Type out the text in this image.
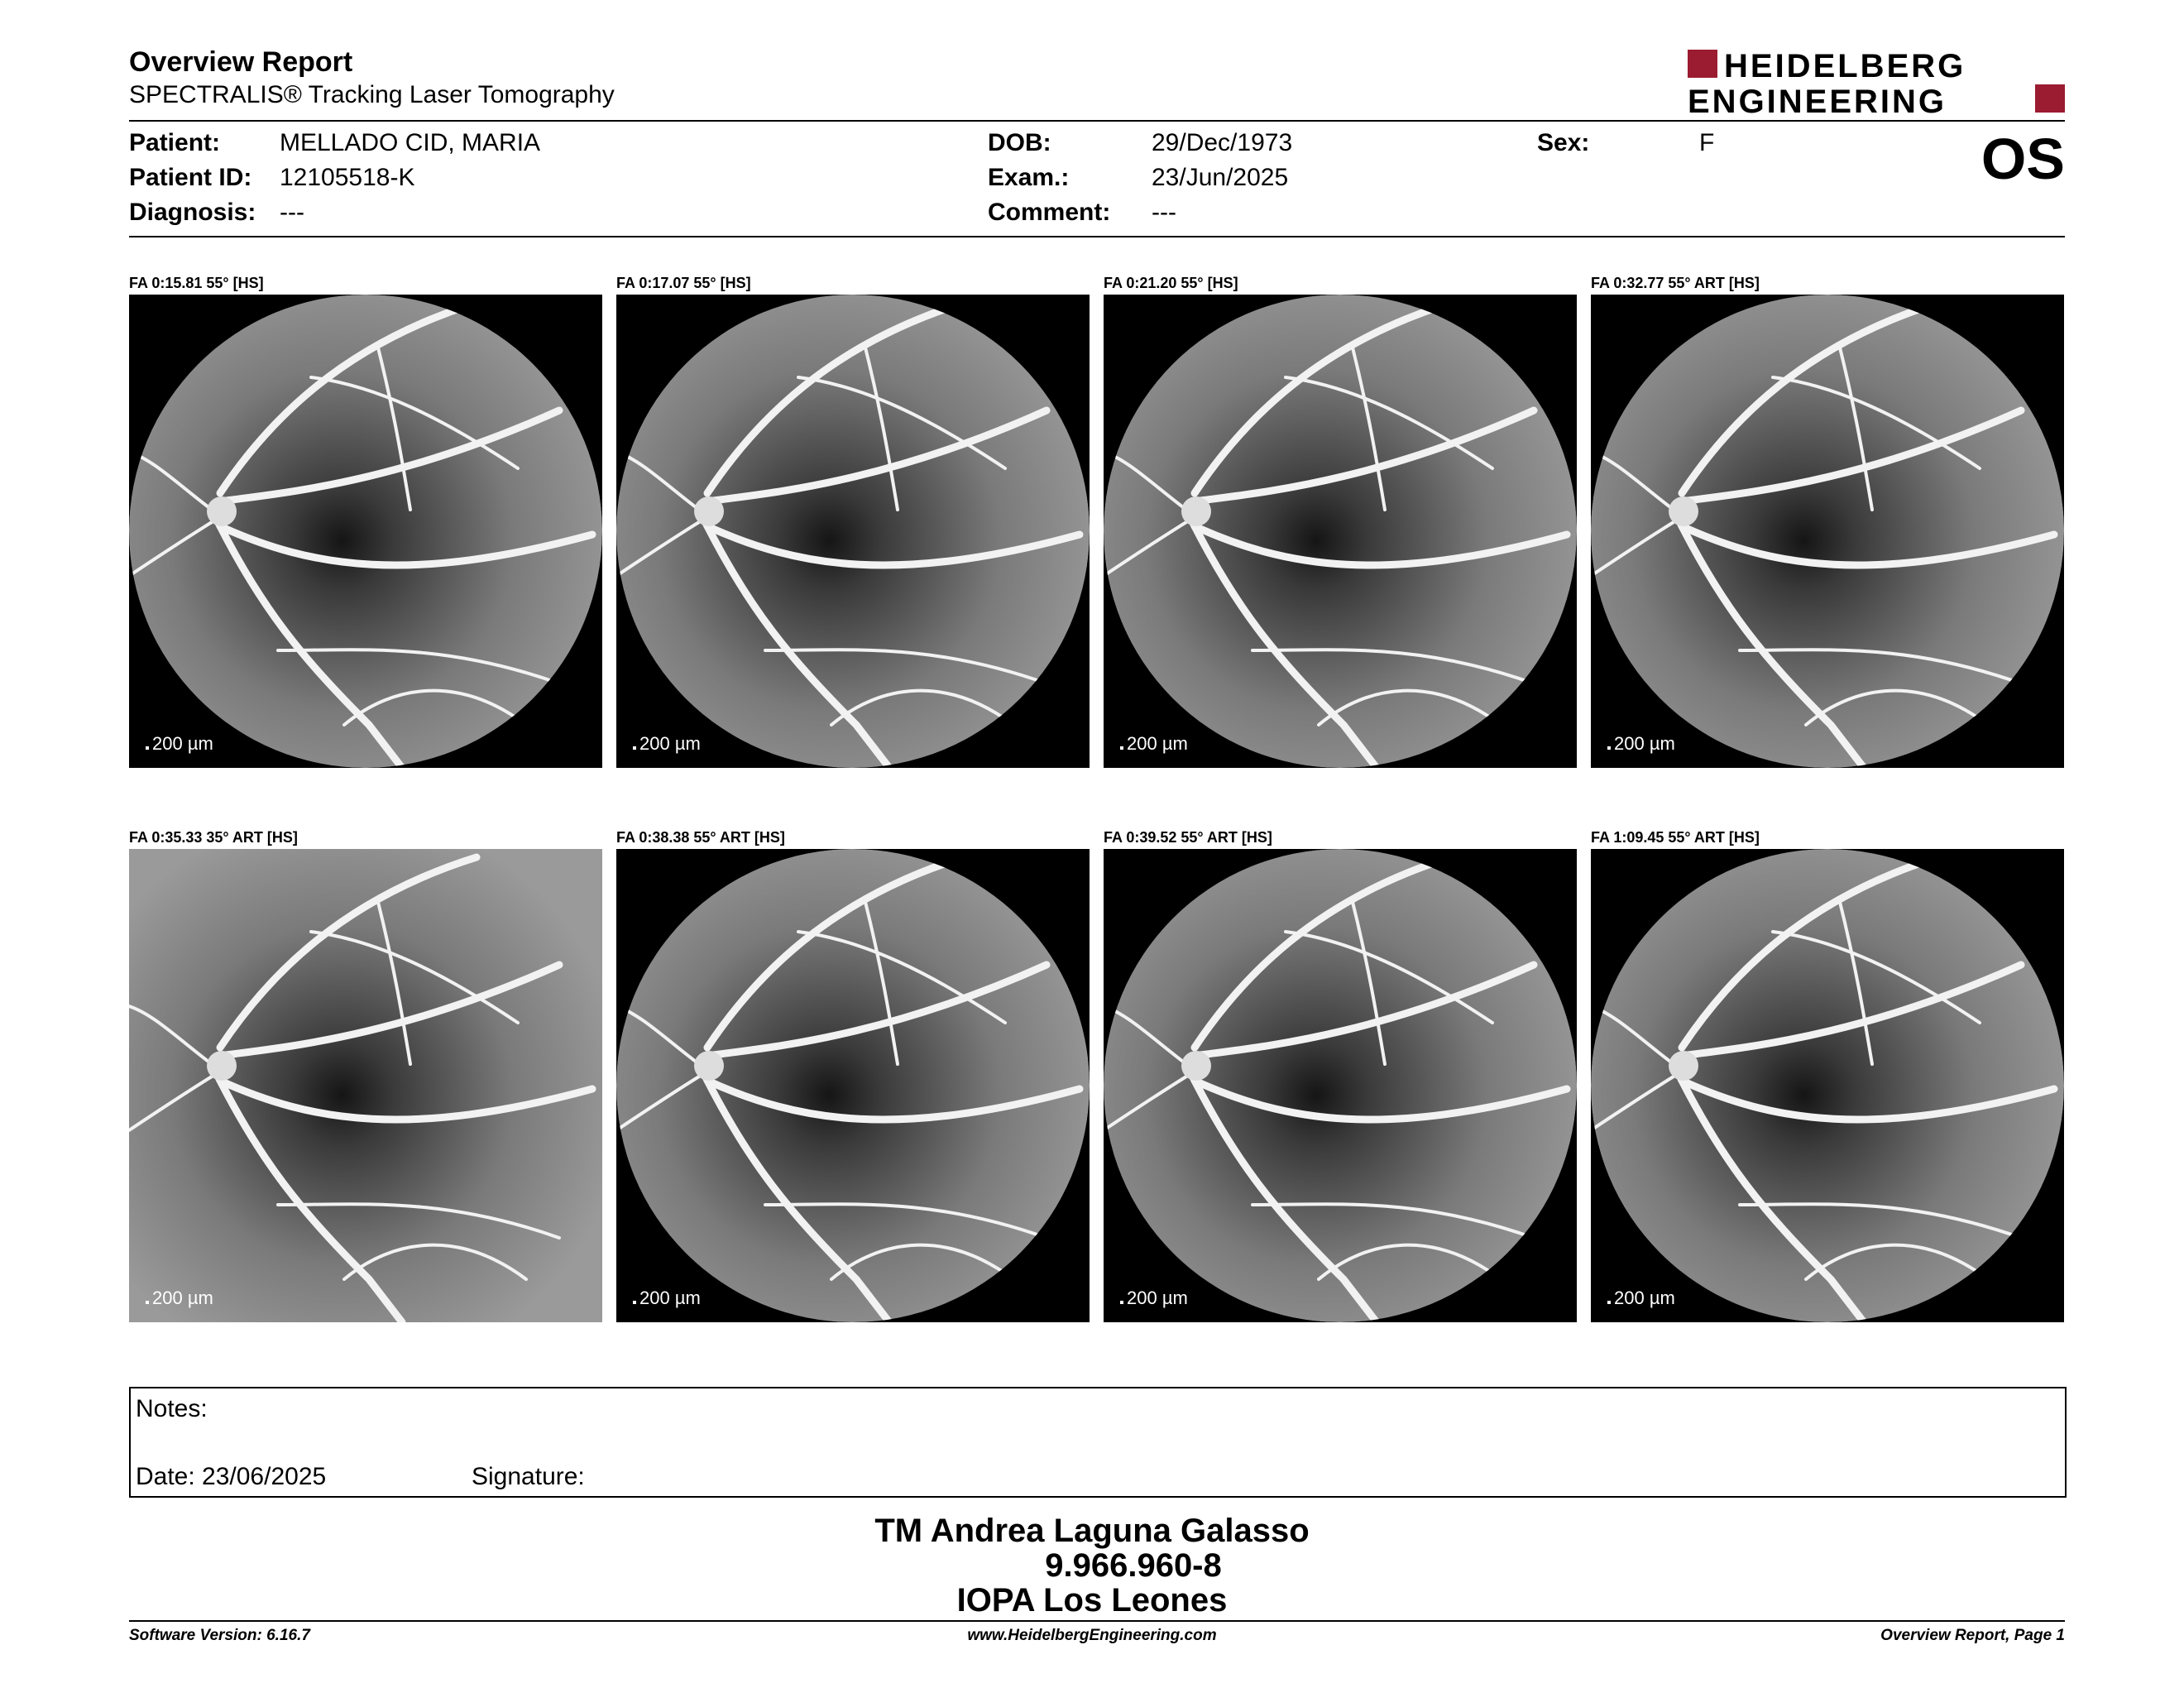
Overview Report
SPECTRALIS® Tracking Laser Tomography
HEIDELBERG
ENGINEERING
OS
Patient: MELLADO CID, MARIA
Patient ID: 12105518-K
Diagnosis: ---
DOB:	29/Dec/1973
Exam.:	23/Jun/2025
Comment: ---
Sex:	F
FA 0:15.81 55° [HS]
200 µm
FA 0:17.07 55° [HS]
200 µm
FA 0:21.20 55° [HS]
200 µm
FA 0:32.77 55° ART [HS]
200 µm
FA 0:35.33 35° ART [HS]
200 µm
FA 0:38.38 55° ART [HS]
200 µm
FA 0:39.52 55° ART [HS]
200 µm
FA 1:09.45 55° ART [HS]
200 µm
Notes:
Date: 23/06/2025	Signature:
TM Andrea Laguna Galasso
9.966.960-8
IOPA Los Leones
Software Version: 6.16.7	www.HeidelbergEngineering.com	Overview Report, Page 1
